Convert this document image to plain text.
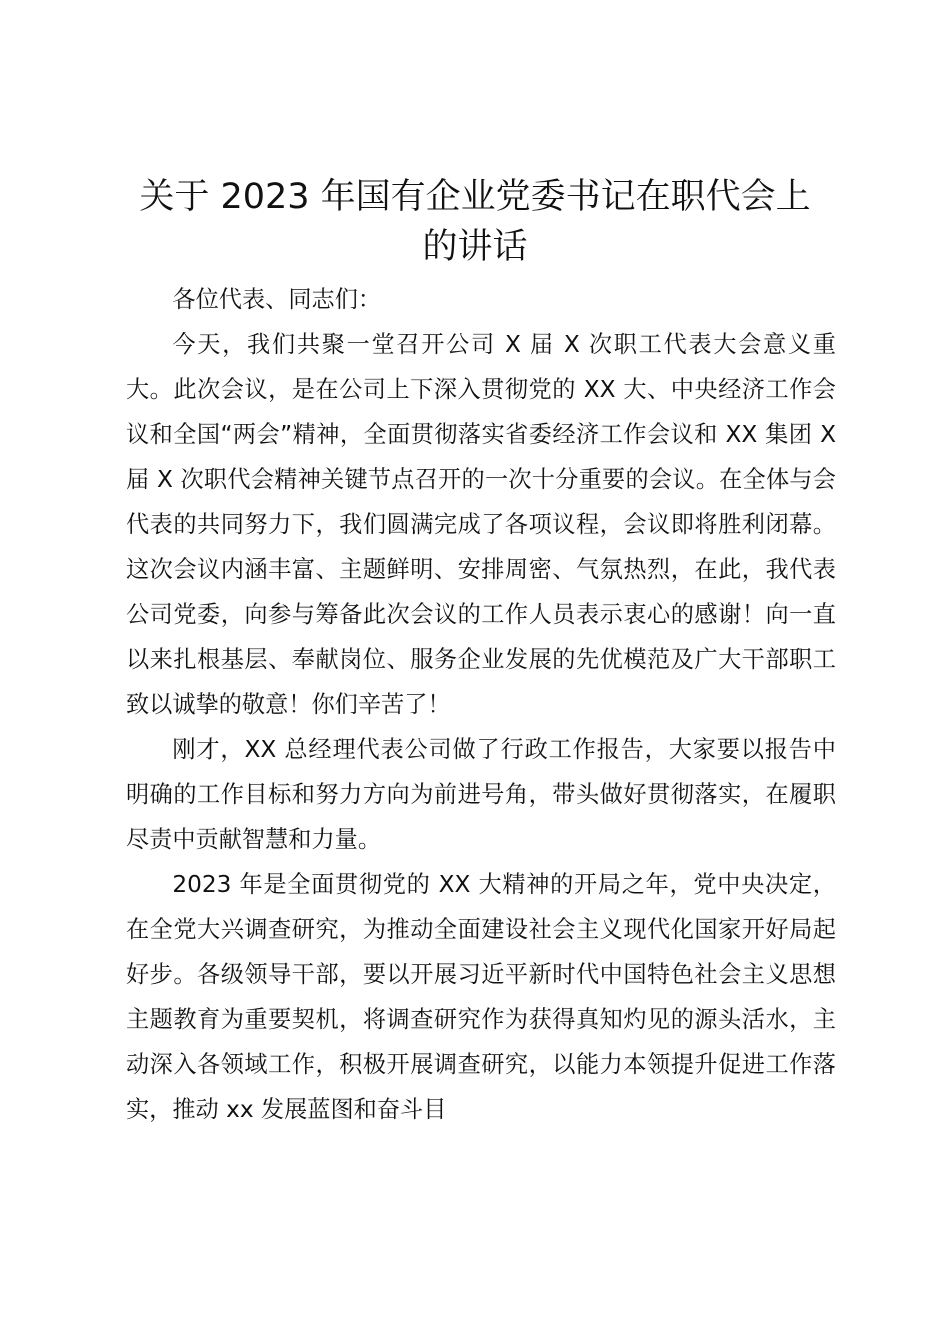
关于 2023 年国有企业党委书记在职代会上
的讲话

各位代表、同志们：

今天，我们共聚一堂召开公司 X 届 X 次职工代表大会意义重大。此次会议，是在公司上下深入贯彻党的 XX 大、中央经济工作会议和全国“两会”精神，全面贯彻落实省委经济工作会议和 XX 集团 X 届 X 次职代会精神关键节点召开的一次十分重要的会议。在全体与会代表的共同努力下，我们圆满完成了各项议程，会议即将胜利闭幕。这次会议内涵丰富、主题鲜明、安排周密、气氛热烈，在此，我代表公司党委，向参与筹备此次会议的工作人员表示衷心的感谢！向一直以来扎根基层、奉献岗位、服务企业发展的先优模范及广大干部职工致以诚挚的敬意！你们辛苦了！

刚才，XX 总经理代表公司做了行政工作报告，大家要以报告中明确的工作目标和努力方向为前进号角，带头做好贯彻落实，在履职尽责中贡献智慧和力量。

2023 年是全面贯彻党的 XX 大精神的开局之年，党中央决定，在全党大兴调查研究，为推动全面建设社会主义现代化国家开好局起好步。各级领导干部，要以开展习近平新时代中国特色社会主义思想主题教育为重要契机，将调查研究作为获得真知灼见的源头活水，主动深入各领域工作，积极开展调查研究，以能力本领提升促进工作落实，推动 xx 发展蓝图和奋斗目
